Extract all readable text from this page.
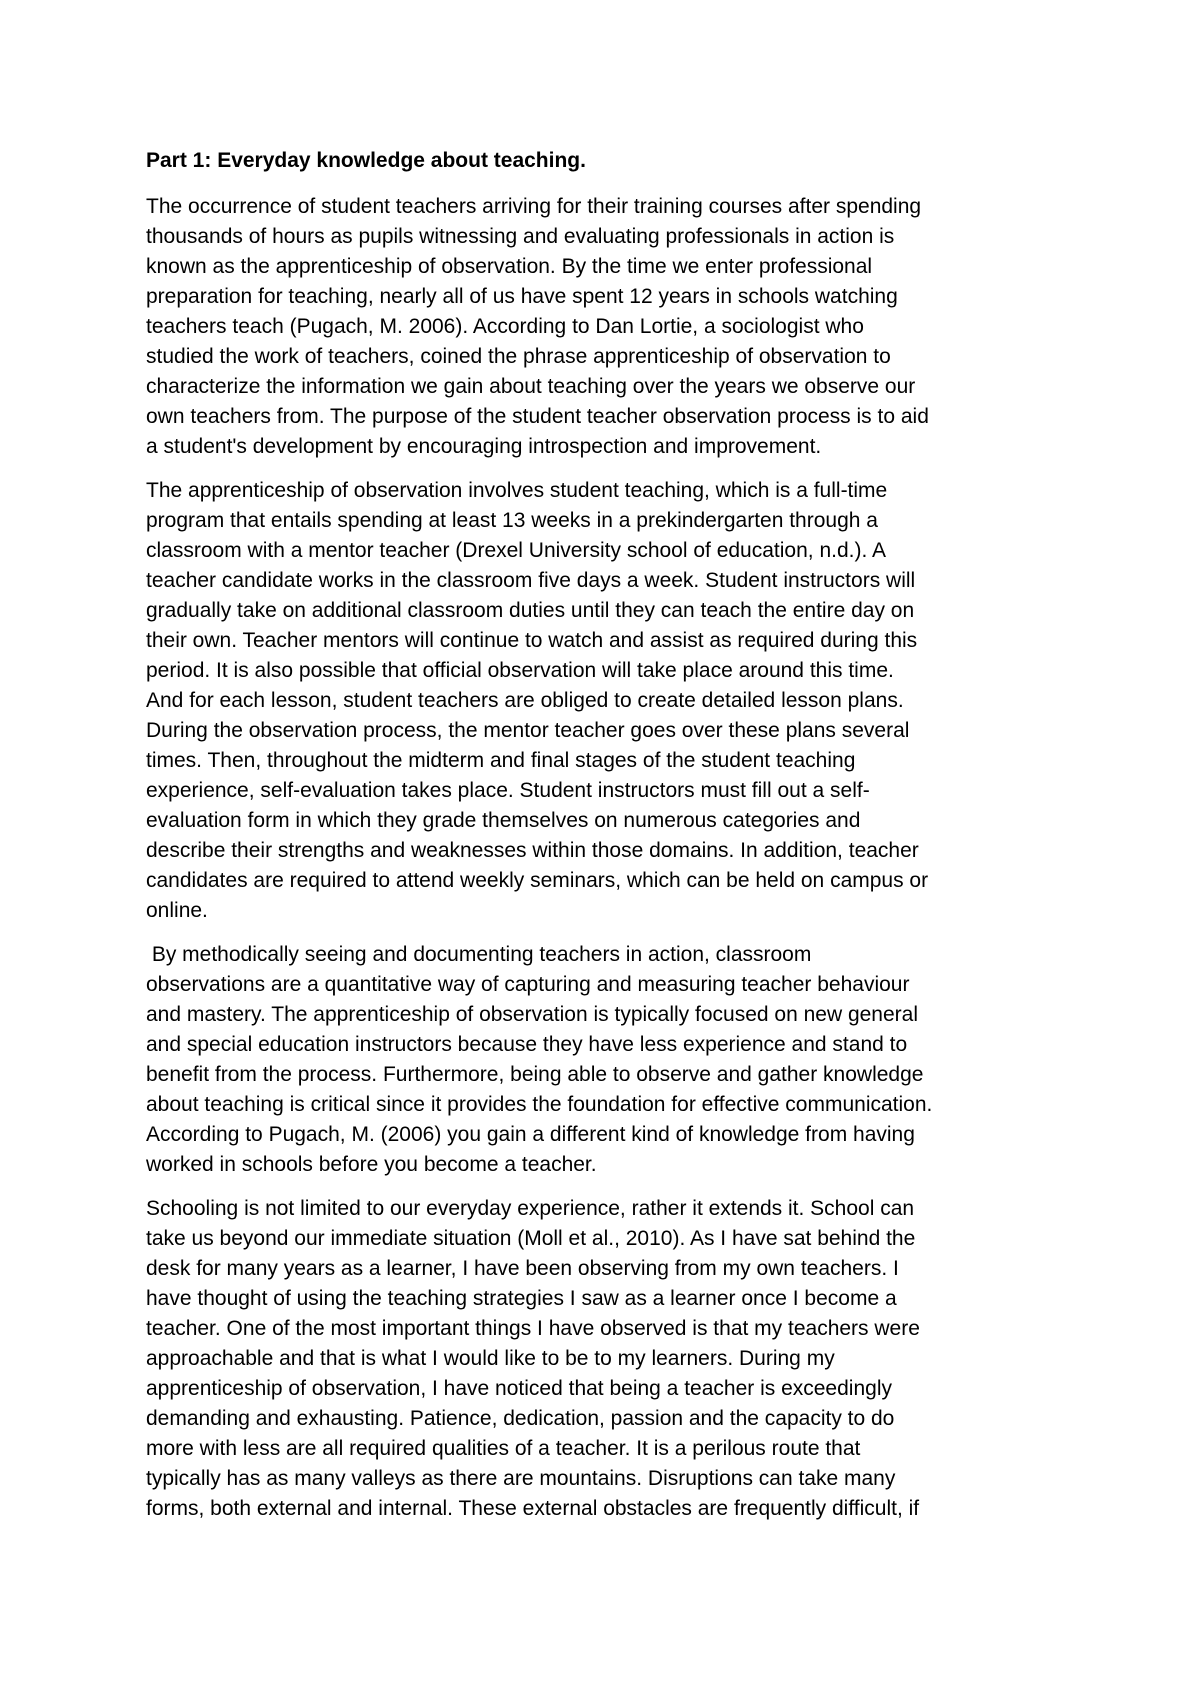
Part 1: Everyday knowledge about teaching.

The occurrence of student teachers arriving for their training courses after spending
thousands of hours as pupils witnessing and evaluating professionals in action is
known as the apprenticeship of observation. By the time we enter professional
preparation for teaching, nearly all of us have spent 12 years in schools watching
teachers teach (Pugach, M. 2006). According to Dan Lortie, a sociologist who
studied the work of teachers, coined the phrase apprenticeship of observation to
characterize the information we gain about teaching over the years we observe our
own teachers from. The purpose of the student teacher observation process is to aid
a student's development by encouraging introspection and improvement.

The apprenticeship of observation involves student teaching, which is a full-time
program that entails spending at least 13 weeks in a prekindergarten through a
classroom with a mentor teacher (Drexel University school of education, n.d.). A
teacher candidate works in the classroom five days a week. Student instructors will
gradually take on additional classroom duties until they can teach the entire day on
their own. Teacher mentors will continue to watch and assist as required during this
period. It is also possible that official observation will take place around this time.
And for each lesson, student teachers are obliged to create detailed lesson plans.
During the observation process, the mentor teacher goes over these plans several
times. Then, throughout the midterm and final stages of the student teaching
experience, self-evaluation takes place. Student instructors must fill out a self-
evaluation form in which they grade themselves on numerous categories and
describe their strengths and weaknesses within those domains. In addition, teacher
candidates are required to attend weekly seminars, which can be held on campus or
online.

By methodically seeing and documenting teachers in action, classroom
observations are a quantitative way of capturing and measuring teacher behaviour
and mastery. The apprenticeship of observation is typically focused on new general
and special education instructors because they have less experience and stand to
benefit from the process. Furthermore, being able to observe and gather knowledge
about teaching is critical since it provides the foundation for effective communication.
According to Pugach, M. (2006) you gain a different kind of knowledge from having
worked in schools before you become a teacher.

Schooling is not limited to our everyday experience, rather it extends it. School can
take us beyond our immediate situation (Moll et al., 2010). As I have sat behind the
desk for many years as a learner, I have been observing from my own teachers. I
have thought of using the teaching strategies I saw as a learner once I become a
teacher. One of the most important things I have observed is that my teachers were
approachable and that is what I would like to be to my learners. During my
apprenticeship of observation, I have noticed that being a teacher is exceedingly
demanding and exhausting. Patience, dedication, passion and the capacity to do
more with less are all required qualities of a teacher. It is a perilous route that
typically has as many valleys as there are mountains. Disruptions can take many
forms, both external and internal. These external obstacles are frequently difficult, if
